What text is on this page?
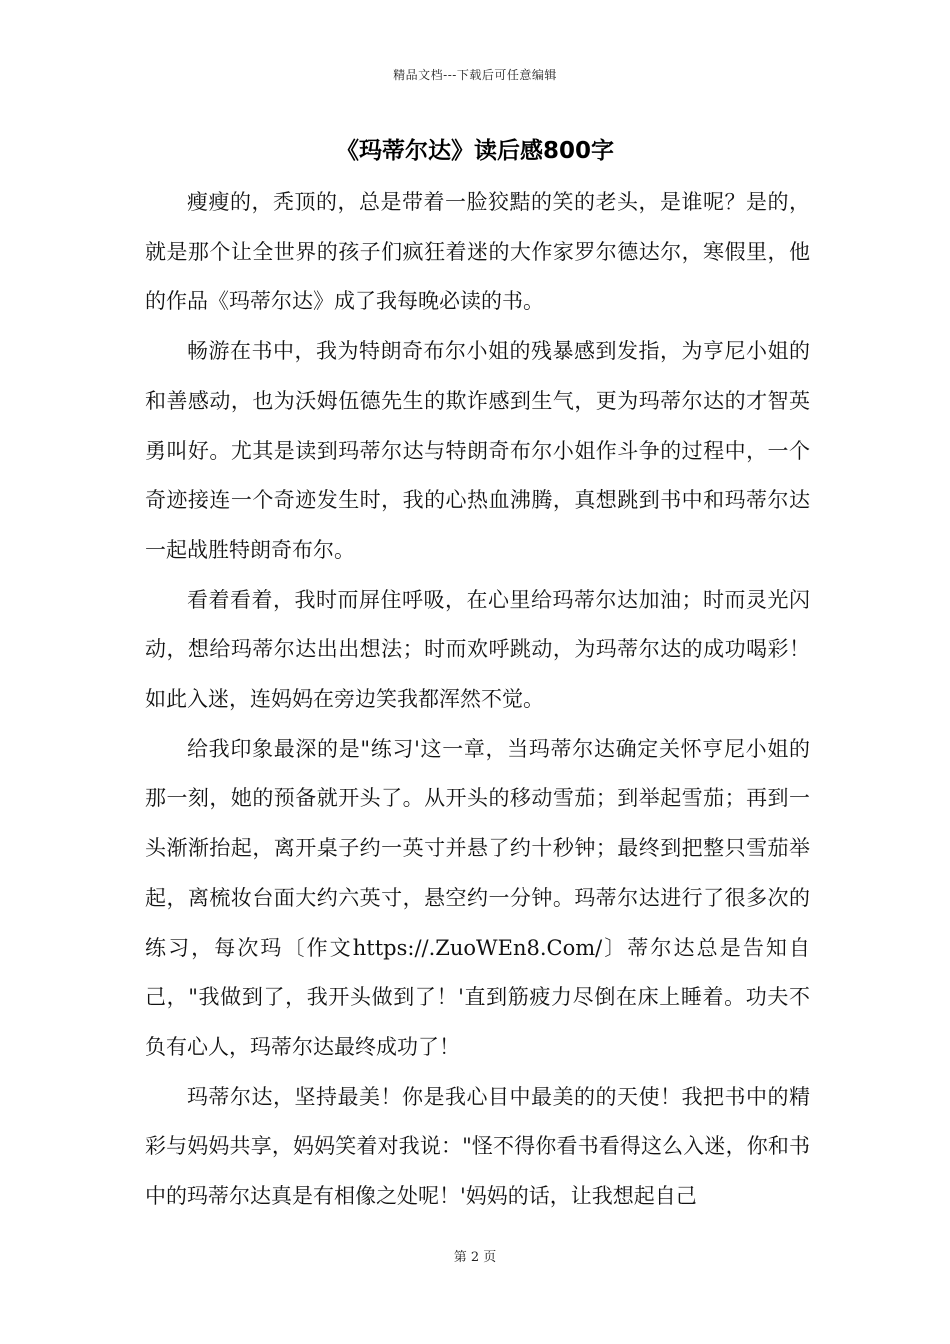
精品文档---下载后可任意编辑
《玛蒂尔达》读后感800字

瘦瘦的，秃顶的，总是带着一脸狡黠的笑的老头，是谁呢？是的，就是那个让全世界的孩子们疯狂着迷的大作家罗尔德达尔，寒假里，他的作品《玛蒂尔达》成了我每晚必读的书。

畅游在书中，我为特朗奇布尔小姐的残暴感到发指，为亨尼小姐的和善感动，也为沃姆伍德先生的欺诈感到生气，更为玛蒂尔达的才智英勇叫好。尤其是读到玛蒂尔达与特朗奇布尔小姐作斗争的过程中，一个奇迹接连一个奇迹发生时，我的心热血沸腾，真想跳到书中和玛蒂尔达一起战胜特朗奇布尔。

看着看着，我时而屏住呼吸，在心里给玛蒂尔达加油；时而灵光闪动，想给玛蒂尔达出出想法；时而欢呼跳动，为玛蒂尔达的成功喝彩！如此入迷，连妈妈在旁边笑我都浑然不觉。

给我印象最深的是"练习'这一章，当玛蒂尔达确定关怀亨尼小姐的那一刻，她的预备就开头了。从开头的移动雪茄；到举起雪茄；再到一头渐渐抬起，离开桌子约一英寸并悬了约十秒钟；最终到把整只雪茄举起，离梳妆台面大约六英寸，悬空约一分钟。玛蒂尔达进行了很多次的练习，每次玛〔作文https://.ZuoWEn8.Com/〕蒂尔达总是告知自己，"我做到了，我开头做到了！'直到筋疲力尽倒在床上睡着。功夫不负有心人，玛蒂尔达最终成功了！

玛蒂尔达，坚持最美！你是我心目中最美的的天使！我把书中的精彩与妈妈共享，妈妈笑着对我说："怪不得你看书看得这么入迷，你和书中的玛蒂尔达真是有相像之处呢！'妈妈的话，让我想起自己

第 2 页
